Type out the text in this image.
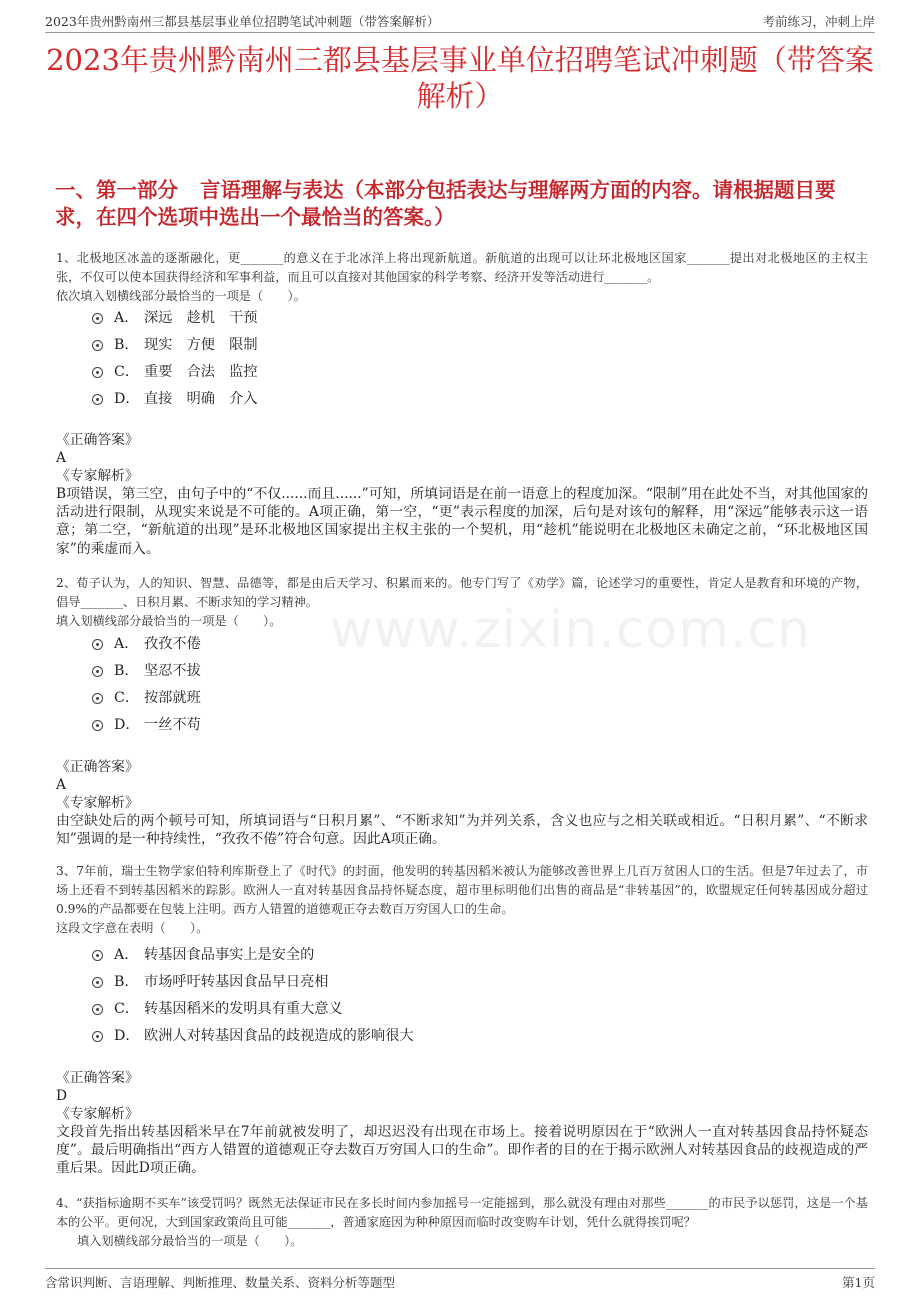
2023年贵州黔南州三都县基层事业单位招聘笔试冲刺题（带答案解析）	考前练习，冲刺上岸
2023年贵州黔南州三都县基层事业单位招聘笔试冲刺题（带答案解析）
一、第一部分 言语理解与表达（本部分包括表达与理解两方面的内容。请根据题目要求，在四个选项中选出一个最恰当的答案。）
www.zixin.com.cn

1、北极地区冰盖的逐渐融化，更_______的意义在于北冰洋上将出现新航道。新航道的出现可以让环北极地区国家_______提出对北极地区的主权主张，不仅可以使本国获得经济和军事利益，而且可以直接对其他国家的科学考察、经济开发等活动进行_______。

依次填入划横线部分最恰当的一项是（　　）。

A． 深远　趁机　干预
B． 现实　方便　限制
C． 重要　合法　监控
D． 直接　明确　介入

《正确答案》

A

《专家解析》

B项错误，第三空，由句子中的“不仅......而且......”可知，所填词语是在前一语意上的程度加深。“限制”用在此处不当，对其他国家的活动进行限制，从现实来说是不可能的。A项正确，第一空，“更”表示程度的加深，后句是对该句的解释，用“深远”能够表示这一语意；第二空，“新航道的出现”是环北极地区国家提出主权主张的一个契机，用“趁机”能说明在北极地区未确定之前，“环北极地区国家”的乘虚而入。

2、荀子认为，人的知识、智慧、品德等，都是由后天学习、积累而来的。他专门写了《劝学》篇，论述学习的重要性，肯定人是教育和环境的产物，倡导_______、日积月累、不断求知的学习精神。

填入划横线部分最恰当的一项是（　　）。

A． 孜孜不倦
B． 坚忍不拔
C． 按部就班
D． 一丝不苟

《正确答案》

A

《专家解析》

由空缺处后的两个顿号可知，所填词语与“日积月累”、“不断求知”为并列关系，含义也应与之相关联或相近。“日积月累”、“不断求知”强调的是一种持续性，“孜孜不倦”符合句意。因此A项正确。

3、7年前，瑞士生物学家伯特利库斯登上了《时代》的封面，他发明的转基因稻米被认为能够改善世界上几百万贫困人口的生活。但是7年过去了，市场上还看不到转基因稻米的踪影。欧洲人一直对转基因食品持怀疑态度，超市里标明他们出售的商品是“非转基因”的，欧盟规定任何转基因成分超过0.9%的产品都要在包装上注明。西方人错置的道德观正夺去数百万穷国人口的生命。

这段文字意在表明（　　）。

A． 转基因食品事实上是安全的
B． 市场呼吁转基因食品早日亮相
C． 转基因稻米的发明具有重大意义
D． 欧洲人对转基因食品的歧视造成的影响很大

《正确答案》

D

《专家解析》

文段首先指出转基因稻米早在7年前就被发明了，却迟迟没有出现在市场上。接着说明原因在于“欧洲人一直对转基因食品持怀疑态度”。最后明确指出“西方人错置的道德观正夺去数百万穷国人口的生命”。即作者的目的在于揭示欧洲人对转基因食品的歧视造成的严重后果。因此D项正确。

4、“获指标逾期不买车”该受罚吗？既然无法保证市民在多长时间内参加摇号一定能摇到，那么就没有理由对那些_______的市民予以惩罚，这是一个基本的公平。更何况，大到国家政策尚且可能_______，普通家庭因为种种原因而临时改变购车计划，凭什么就得挨罚呢？

填入划横线部分最恰当的一项是（　　）。

含常识判断、言语理解、判断推理、数量关系、资料分析等题型	第1页
